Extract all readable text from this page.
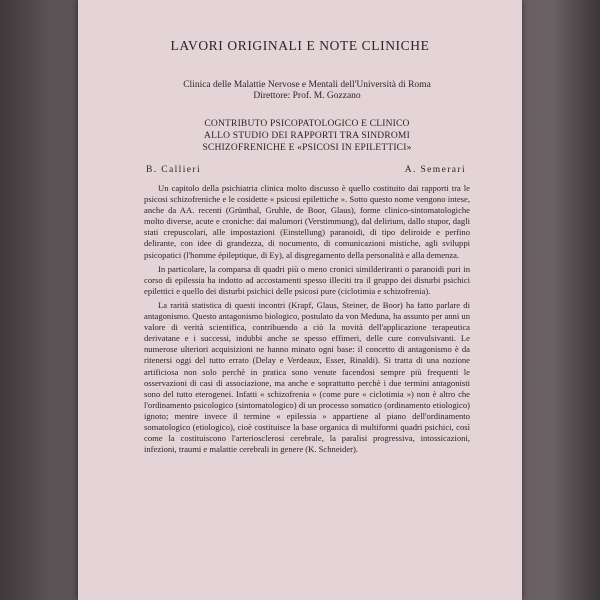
LAVORI ORIGINALI E NOTE CLINICHE
Clinica delle Malattie Nervose e Mentali dell'Università di Roma
Direttore: Prof. M. Gozzano
CONTRIBUTO PSICOPATOLOGICO E CLINICO
ALLO STUDIO DEI RAPPORTI TRA SINDROMI
SCHIZOFRENICHE E «PSICOSI IN EPILETTICI»
B. Callieri	A. Semerari

Un capitolo della psichiatria clinica molto discusso è quello costituito dai rapporti tra le psicosi schizofreniche e le cosidette « psicosi epilettiche ». Sotto questo nome vengono intese, anche da AA. recenti (Grünthal, Gruhle, de Boor, Glaus), forme clinico-sintomatologiche molto diverse, acute e croniche: dai malumori (Verstimmung), dal delirium, dallo stupor, dagli stati crepuscolari, alle impostazioni (Einstellung) paranoidi, di tipo deliroide e perfino delirante, con idee di grandezza, di nocumento, di comunicazioni mistiche, agli sviluppi psicopatici (l'homme épileptique, di Ey), al disgregamento della personalità e alla demenza.

In particolare, la comparsa di quadri più o meno cronici similderiranti o paranoidi puri in corso di epilessia ha indotto ad accostamenti spesso illeciti tra il gruppo dei disturbi psichici epilettici e quello dei disturbi psichici delle psicosi pure (ciclotimia e schizofrenia).

La rarità statistica di questi incontri (Krapf, Glaus, Steiner, de Boor) ha fatto parlare di antagonismo. Questo antagonismo biologico, postulato da von Meduna, ha assunto per anni un valore di verità scientifica, contribuendo a ciò la novità dell'applicazione terapeutica derivatane e i successi, indubbi anche se spesso effimeri, delle cure convulsivanti. Le numerose ulteriori acquisizioni ne hanno minato ogni base: il concetto di antagonismo è da ritenersi oggi del tutto errato (Delay e Verdeaux, Esser, Rinaldi). Si tratta di una nozione artificiosa non solo perchè in pratica sono venute facendosi sempre più frequenti le osservazioni di casi di associazione, ma anche e soprattutto perchè i due termini antagonisti sono del tutto eterogenei. Infatti « schizofrenia » (come pure « ciclotimia ») non è altro che l'ordinamento psicologico (sintomatologico) di un processo somatico (ordinamento etiologico) ignoto; mentre invece il termine « epilessia » appartiene al piano dell'ordinamento somatologico (etiologico), cioè costituisce la base organica di multiformi quadri psichici, così come la costituiscono l'arteriosclerosi cerebrale, la paralisi progressiva, intossicazioni, infezioni, traumi e malattie cerebrali in genere (K. Schneider).
